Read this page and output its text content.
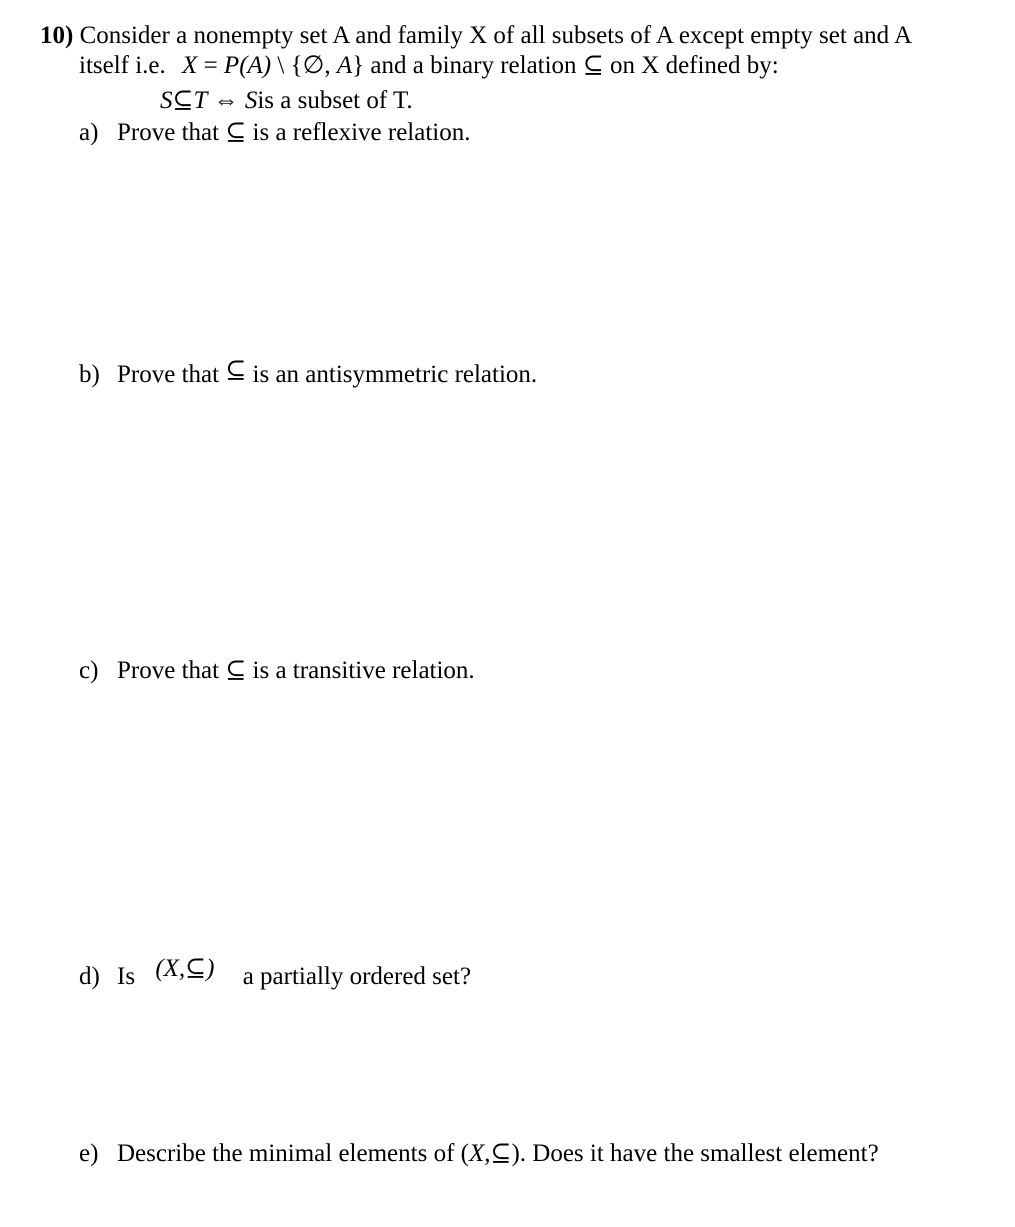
10) Consider a nonempty set A and family X of all subsets of A except empty set and A
itself i.e. X = P(A) \ {∅, A} and a binary relation ⊆ on X defined by:
S⊆T ⇔ Sis a subset of T.
a) Prove that ⊆ is a reflexive relation.
b) Prove that ⊆ is an antisymmetric relation.
c) Prove that ⊆ is a transitive relation.
d) Is (X,⊆) a partially ordered set?
e) Describe the minimal elements of (X,⊆). Does it have the smallest element?
